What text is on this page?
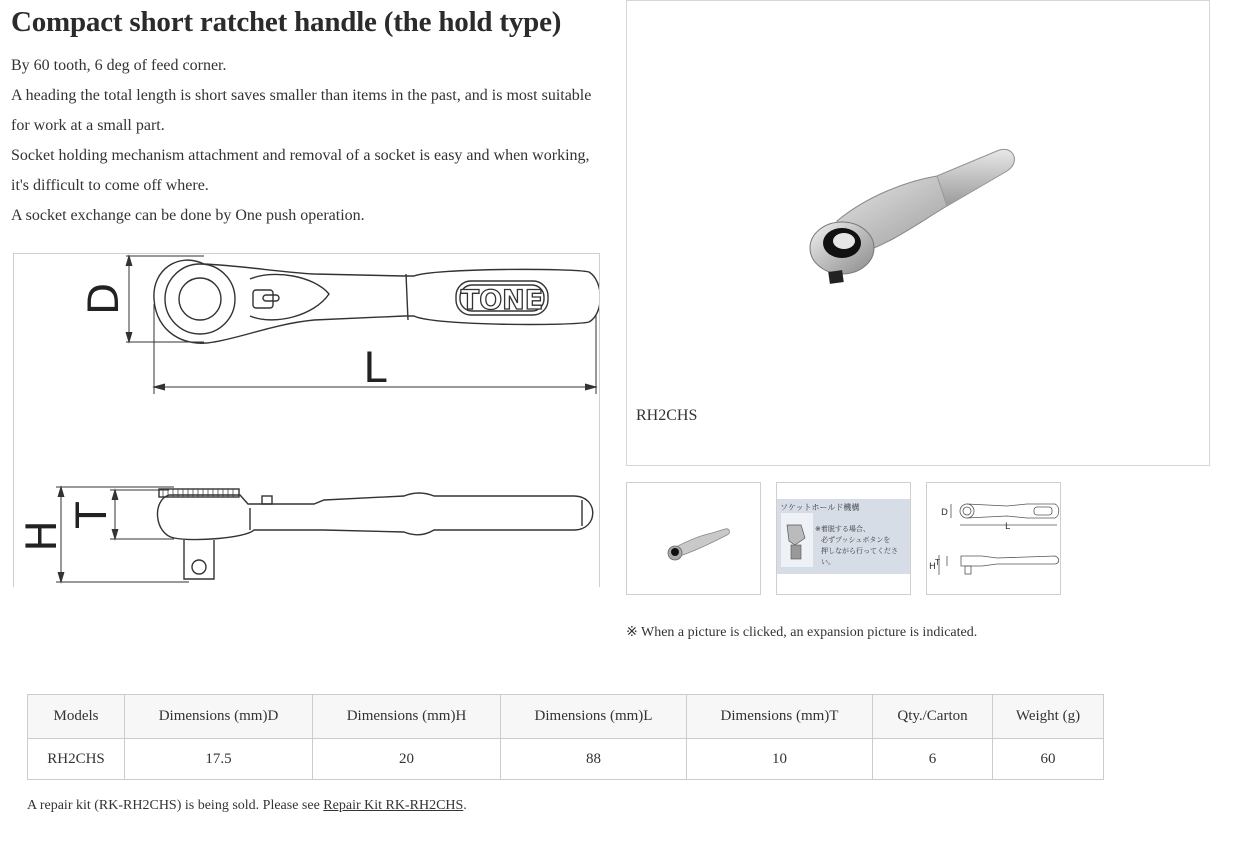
Compact short ratchet handle (the hold type)

By 60 tooth, 6 deg of feed corner.

A heading the total length is short saves smaller than items in the past, and is most suitable for work at a small part.

Socket holding mechanism attachment and removal of a socket is easy and when working, it's difficult to come off where.

A socket exchange can be done by One push operation.

TONE
D
L
H
T
RH2CHS
ソケットホールド機構
※着脱する場合、
必ずプッシュボタンを
押しながら行ってください。
D
L
H T
※ When a picture is clicked, an expansion picture is indicated.
Models	Dimensions (mm)D	Dimensions (mm)H	Dimensions (mm)L	Dimensions (mm)T	Qty./Carton	Weight (g)
RH2CHS	17.5	20	88	10	6	60
A repair kit (RK-RH2CHS) is being sold. Please see Repair Kit RK-RH2CHS.
